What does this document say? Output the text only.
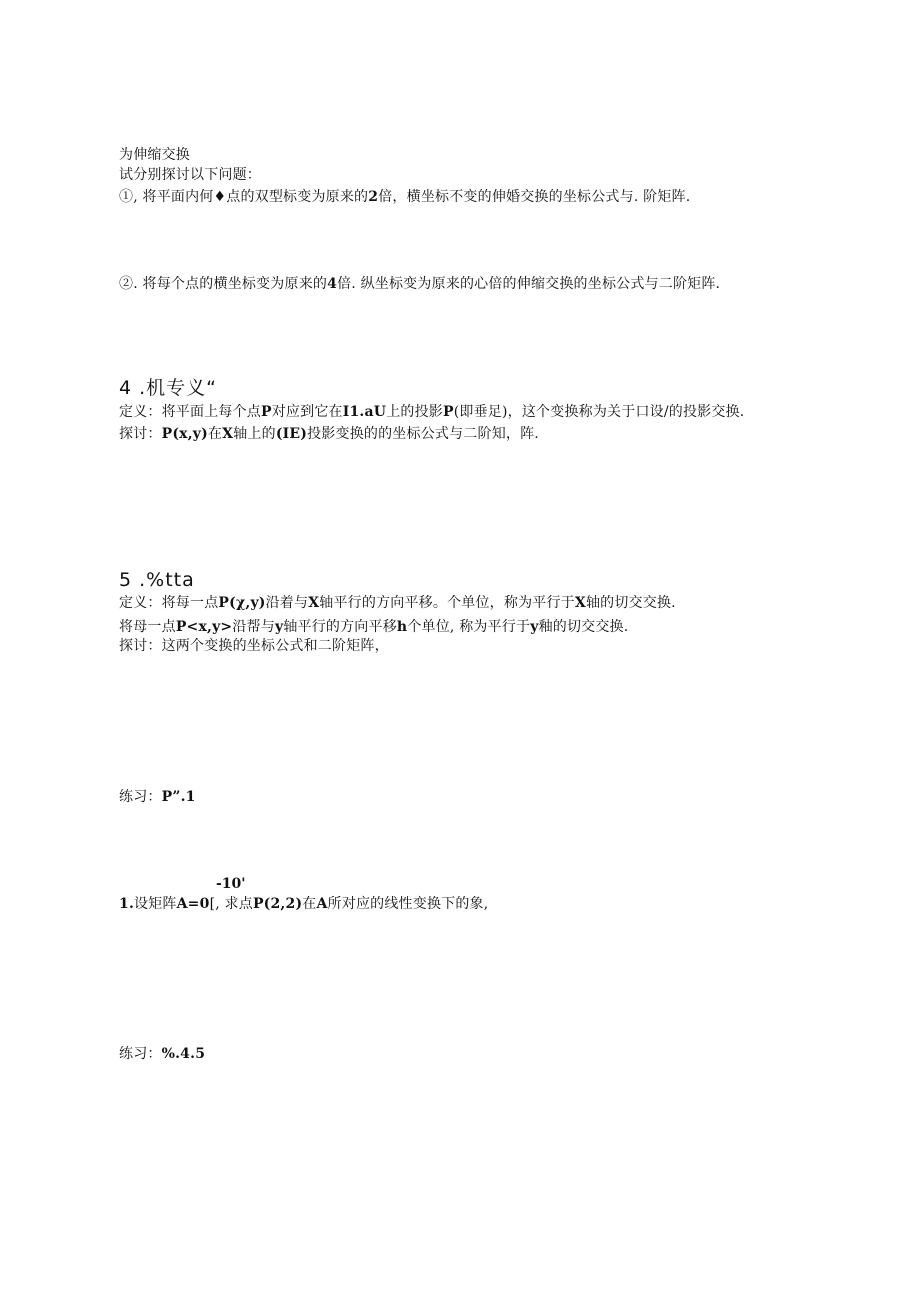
为伸缩交换
试分别探讨以下问题：
①, 将平面内何♦点的双型标变为原来的2倍，横坐标不变的伸婚交换的坐标公式与. 阶矩阵.
②. 将每个点的横坐标变为原来的4倍. 纵坐标变为原来的心倍的伸缩交换的坐标公式与二阶矩阵.
4 .机专义“
定义：将平面上每个点P对应到它在I1.aU上的投影P(即垂足)，这个变换称为关于口设/的投影交换.
探讨：P(x,y)在X轴上的(IE)投影变换的的坐标公式与二阶知，阵.
5 .%tta
定义：将每一点P(χ,y)沿着与X轴平行的方向平移。个单位，称为平行于X轴的切交交换.
将母一点P<x,y>沿帮与y轴平行的方向平移h个单位, 称为平行于y釉的切交交换.
探讨：这两个变换的坐标公式和二阶矩阵，
练习：P”.1
-10'
1.设矩阵A=0[, 求点P(2,2)在A所对应的线性变换下的象,
练习：%.4.5
